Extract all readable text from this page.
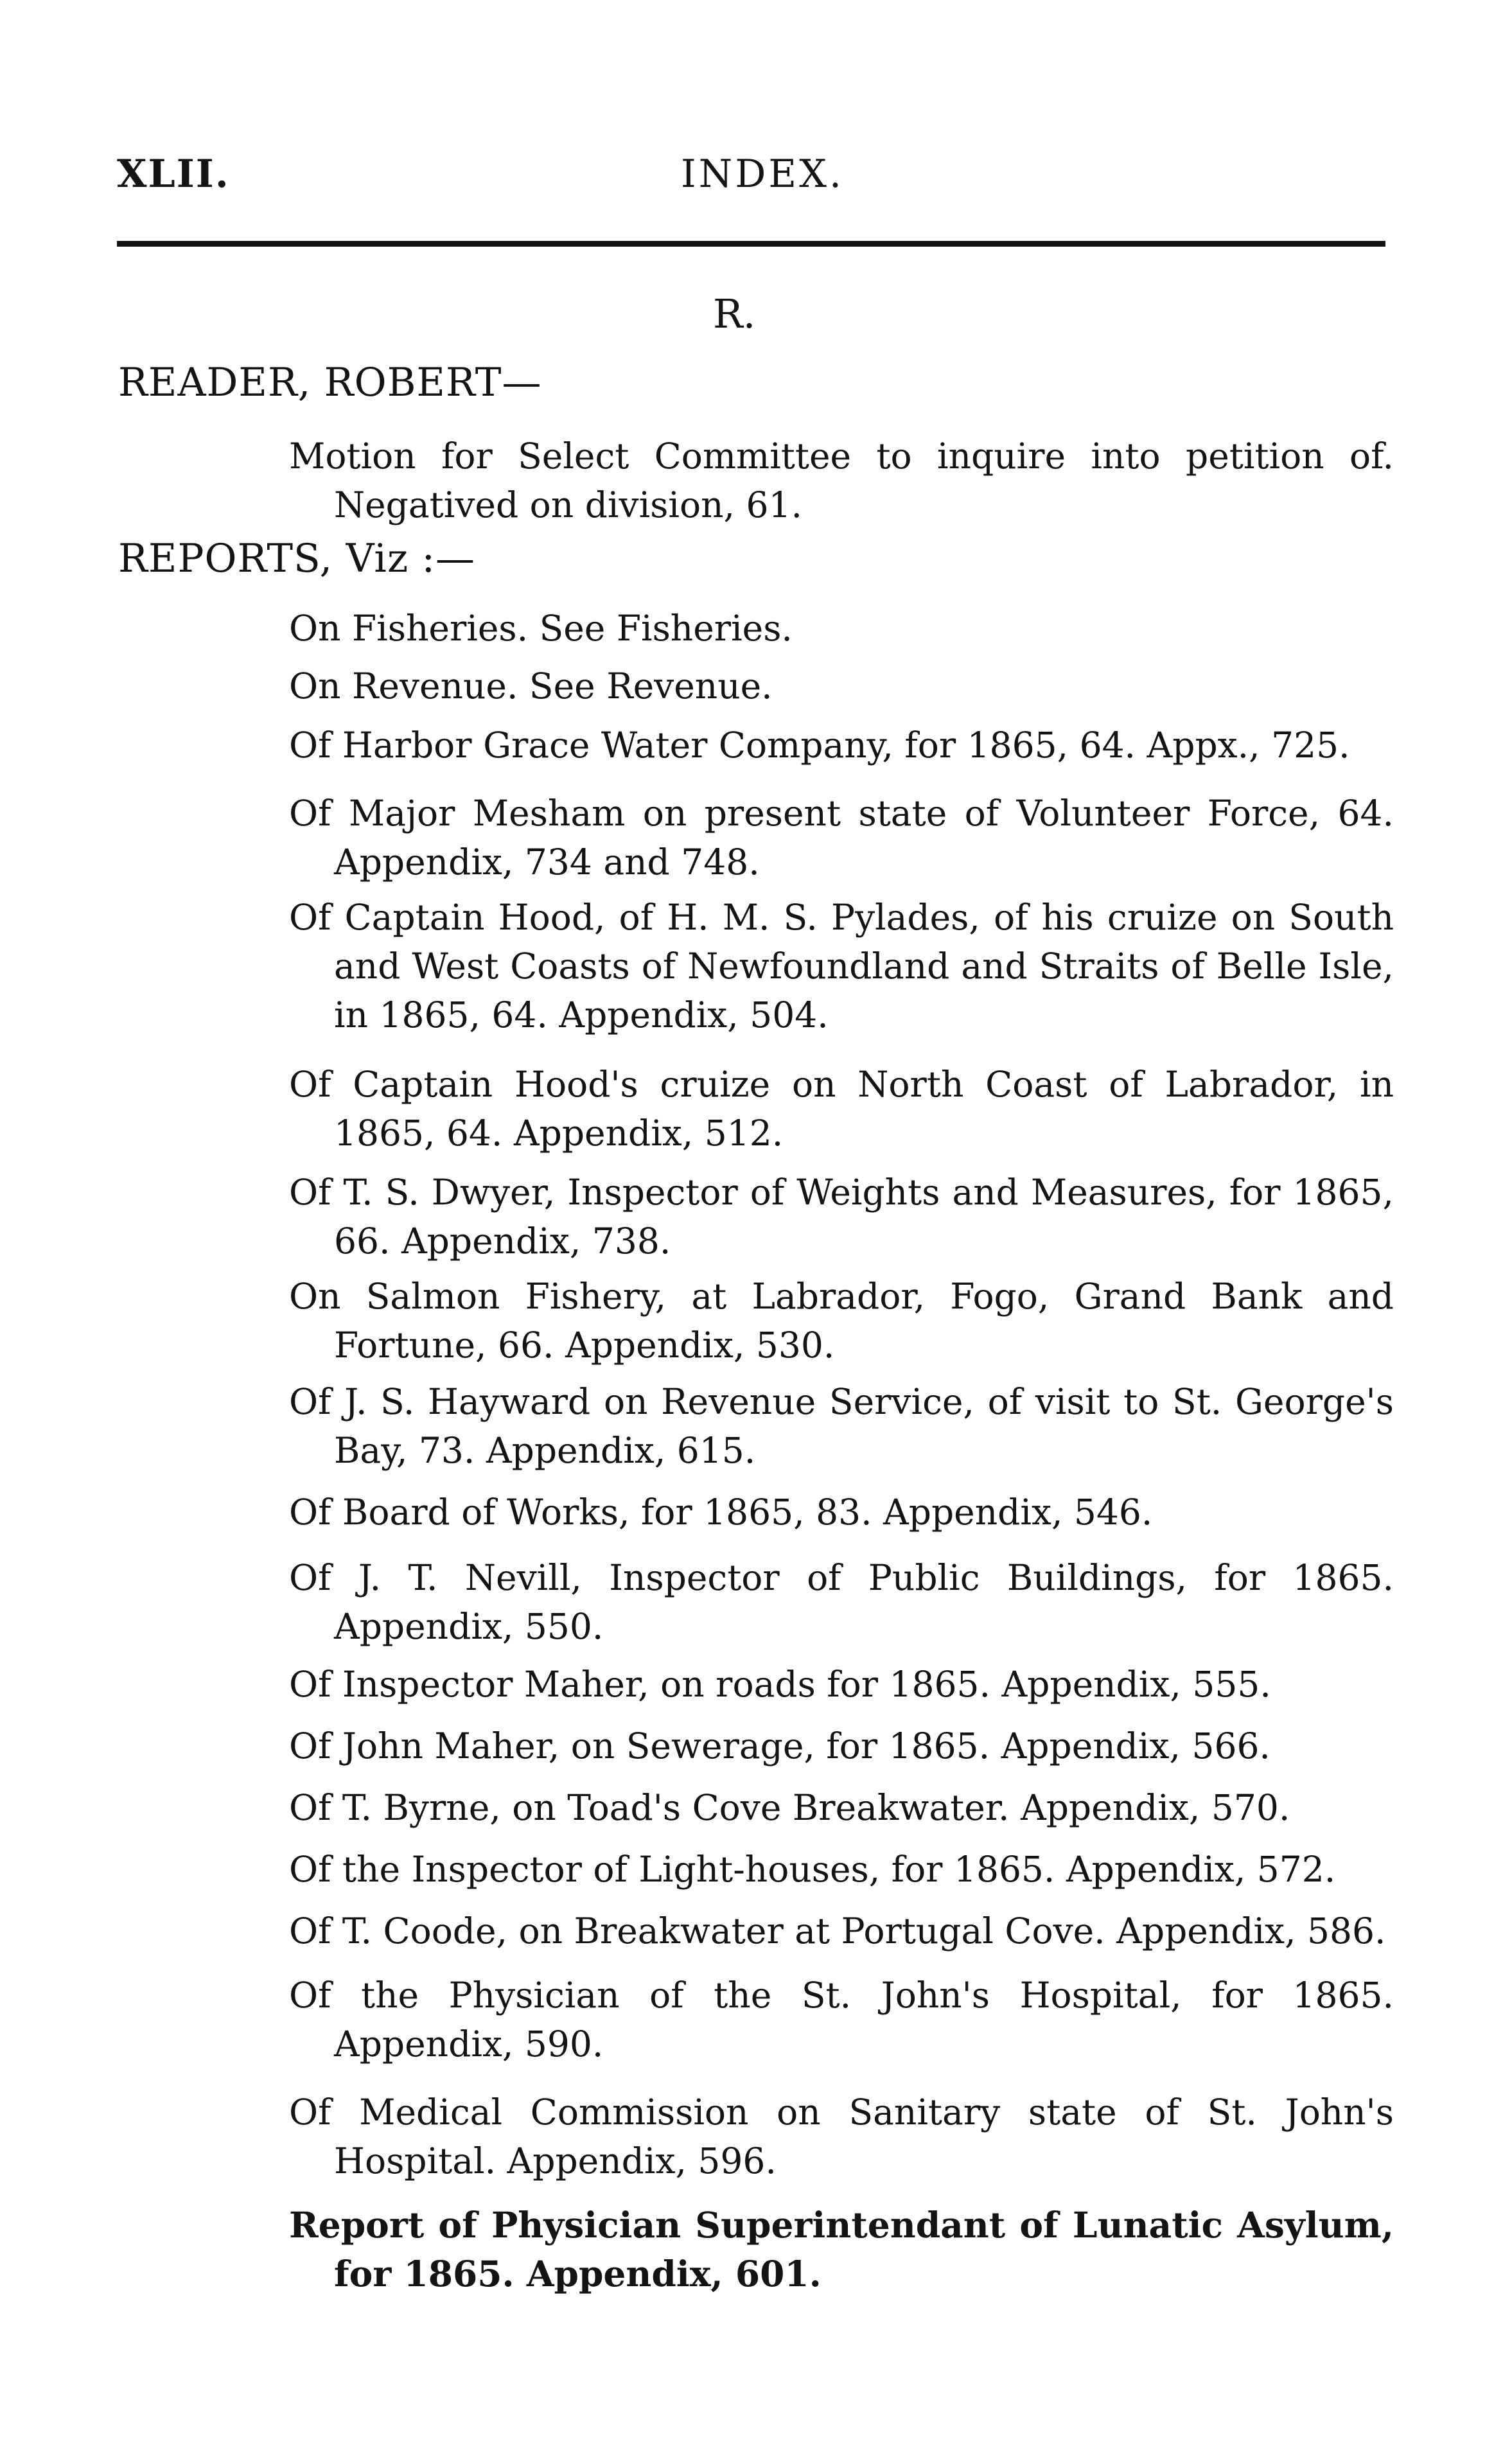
XLII.	INDEX.
R.
READER, ROBERT—
Motion for Select Committee to inquire into petition of. Negatived on division, 61.
REPORTS, Viz :—
On Fisheries. See Fisheries.
On Revenue. See Revenue.
Of Harbor Grace Water Company, for 1865, 64. Appx., 725.
Of Major Mesham on present state of Volunteer Force, 64. Appendix, 734 and 748.
Of Captain Hood, of H. M. S. Pylades, of his cruize on South and West Coasts of Newfoundland and Straits of Belle Isle, in 1865, 64. Appendix, 504.
Of Captain Hood's cruize on North Coast of Labrador, in 1865, 64. Appendix, 512.
Of T. S. Dwyer, Inspector of Weights and Measures, for 1865, 66. Appendix, 738.
On Salmon Fishery, at Labrador, Fogo, Grand Bank and Fortune, 66. Appendix, 530.
Of J. S. Hayward on Revenue Service, of visit to St. George's Bay, 73. Appendix, 615.
Of Board of Works, for 1865, 83. Appendix, 546.
Of J. T. Nevill, Inspector of Public Buildings, for 1865. Appendix, 550.
Of Inspector Maher, on roads for 1865. Appendix, 555.
Of John Maher, on Sewerage, for 1865. Appendix, 566.
Of T. Byrne, on Toad's Cove Breakwater. Appendix, 570.
Of the Inspector of Light-houses, for 1865. Appendix, 572.
Of T. Coode, on Breakwater at Portugal Cove. Appendix, 586.
Of the Physician of the St. John's Hospital, for 1865. Appendix, 590.
Of Medical Commission on Sanitary state of St. John's Hospital. Appendix, 596.
Report of Physician Superintendant of Lunatic Asylum, for 1865. Appendix, 601.
